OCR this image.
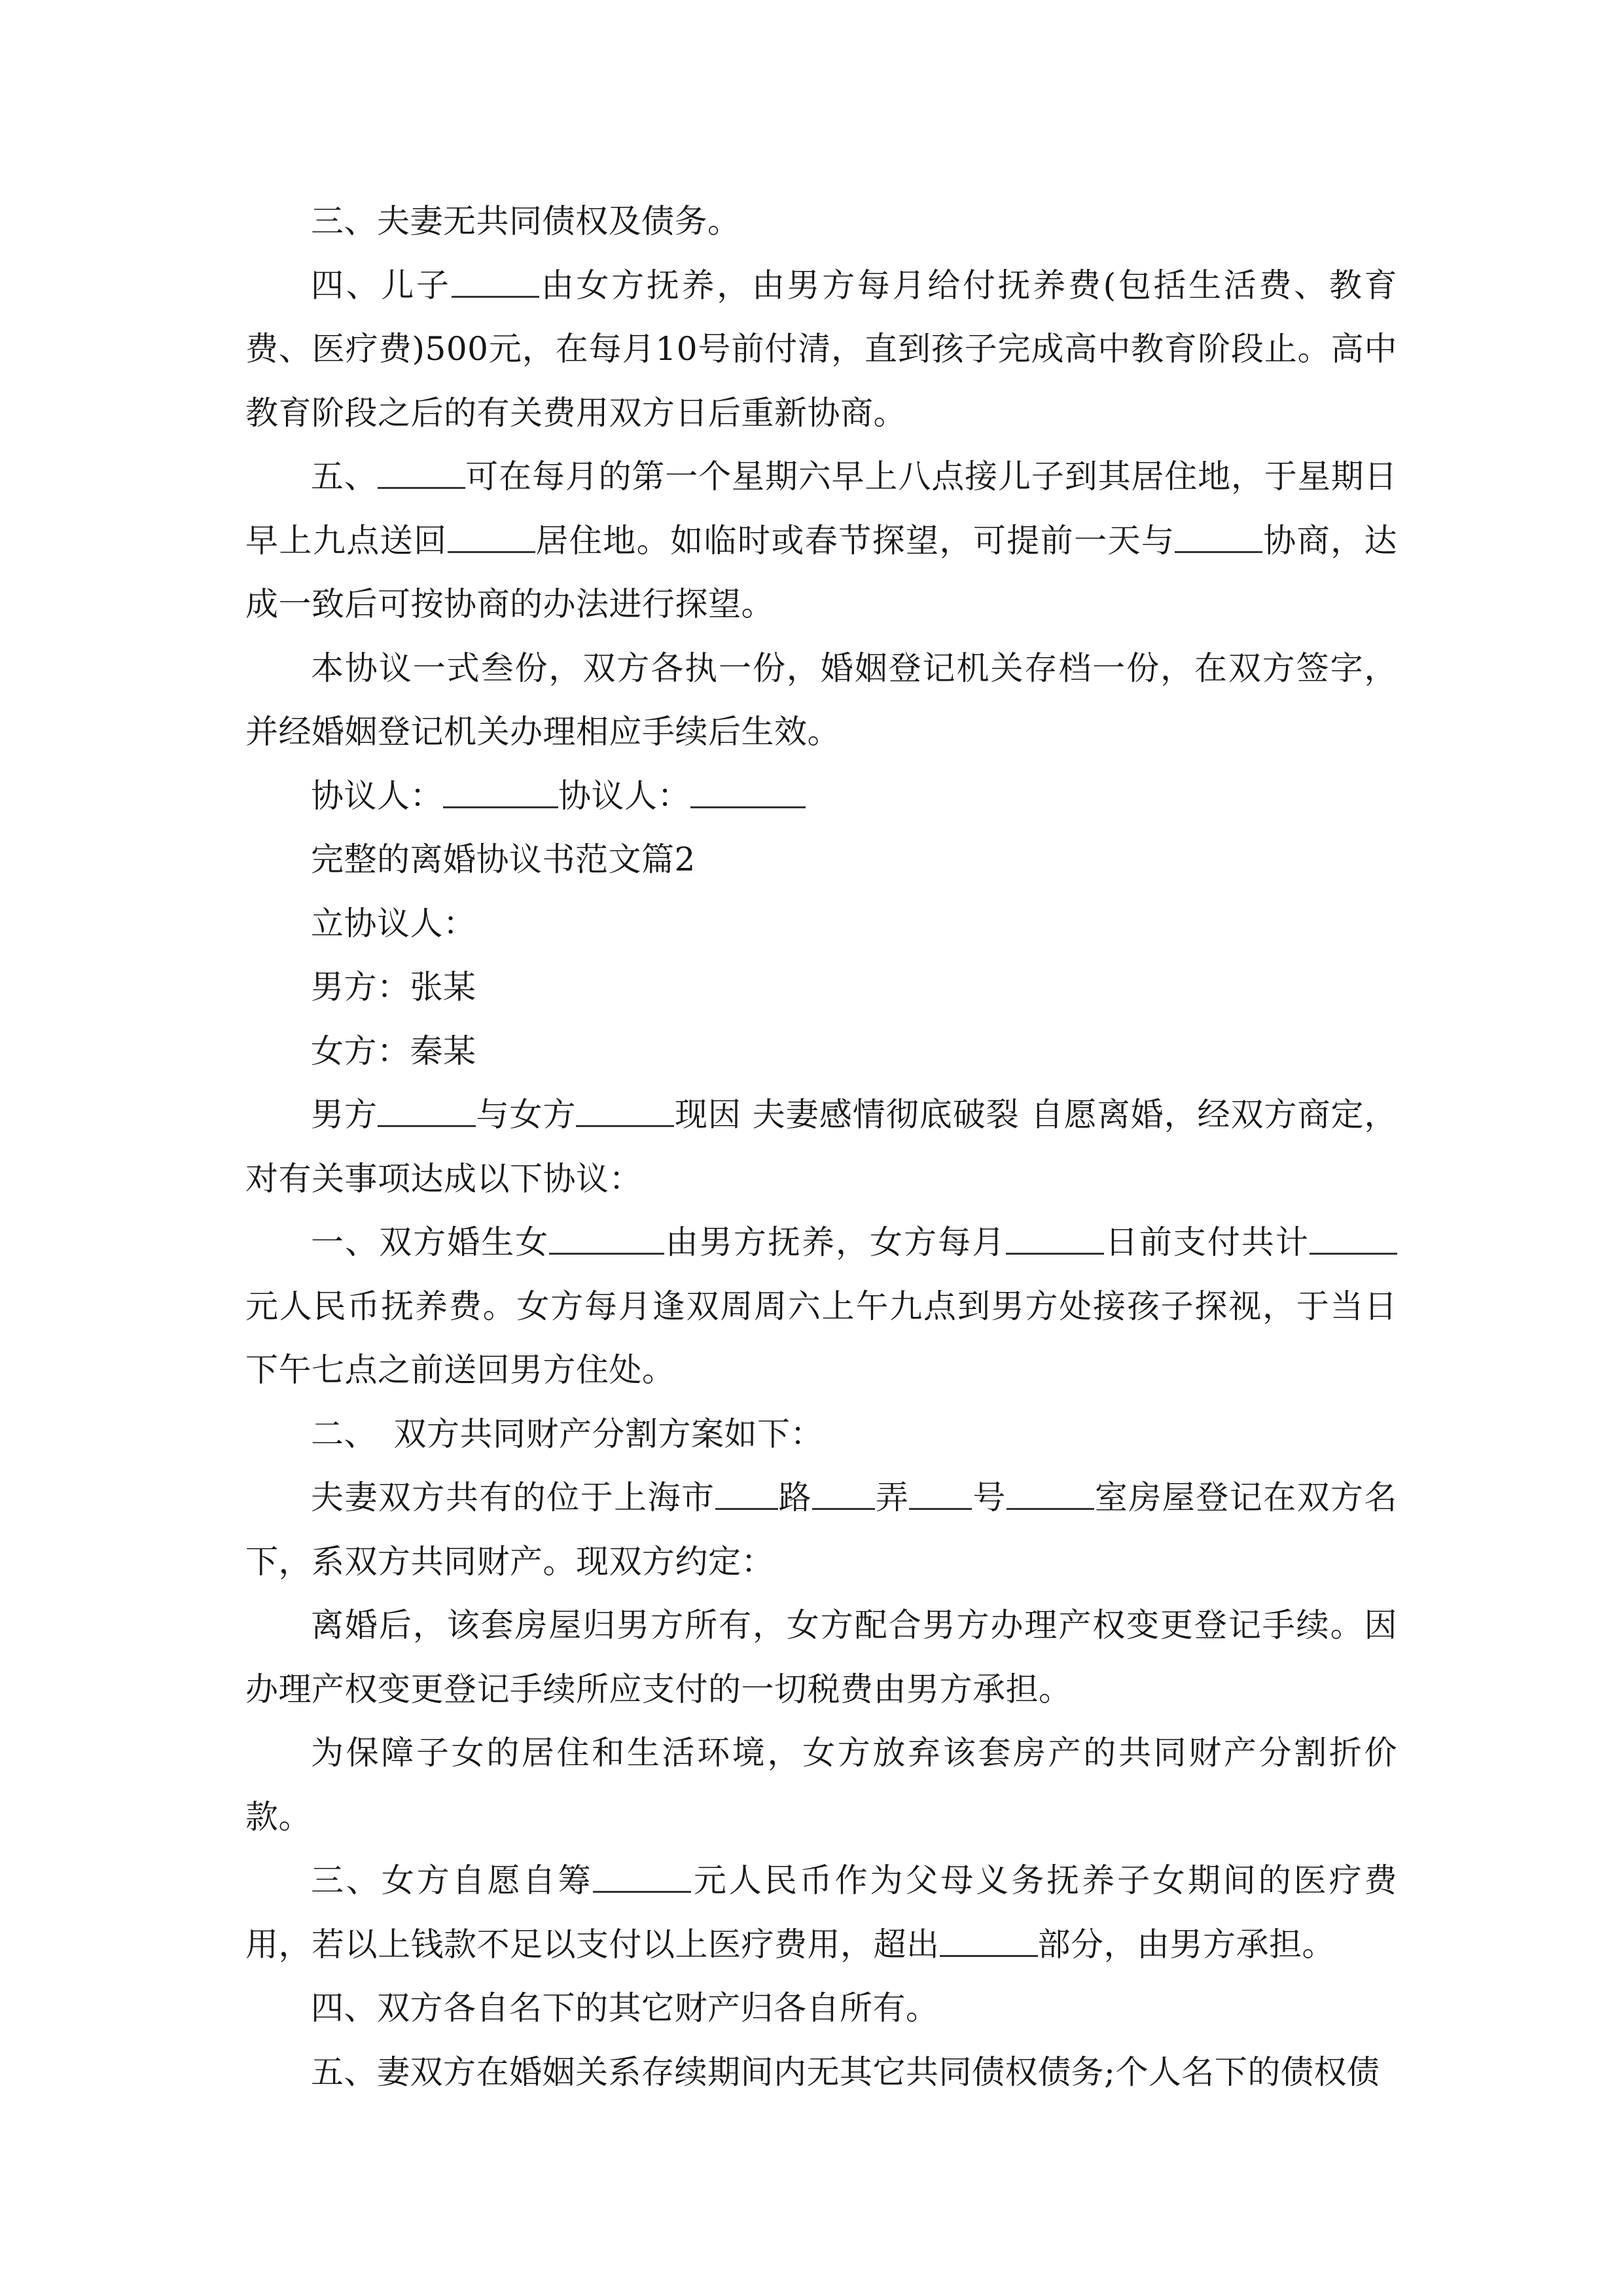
三、夫妻无共同债权及债务。

四、儿子	由女方抚养，由男方每月给付抚养费(包括生活费、教育费、医疗费)500元，在每月10号前付清，直到孩子完成高中教育阶段止。高中教育阶段之后的有关费用双方日后重新协商。

五、	可在每月的第一个星期六早上八点接儿子到其居住地，于星期日早上九点送回	居住地。如临时或春节探望，可提前一天与	协商，达成一致后可按协商的办法进行探望。

本协议一式叁份，双方各执一份，婚姻登记机关存档一份，在双方签字，并经婚姻登记机关办理相应手续后生效。

协议人：	协议人：

完整的离婚协议书范文篇2

立协议人：

男方：张某

女方：秦某

男方	与女方	现因 夫妻感情彻底破裂 自愿离婚，经双方商定，对有关事项达成以下协议：

一、双方婚生女	由男方抚养，女方每月	日前支付共计元人民币抚养费。女方每月逢双周周六上午九点到男方处接孩子探视，于当日下午七点之前送回男方住处。

二、　双方共同财产分割方案如下：

夫妻双方共有的位于上海市 路 弄 号	室房屋登记在双方名下，系双方共同财产。现双方约定：

离婚后，该套房屋归男方所有，女方配合男方办理产权变更登记手续。因办理产权变更登记手续所应支付的一切税费由男方承担。

为保障子女的居住和生活环境，女方放弃该套房产的共同财产分割折价款。

三、女方自愿自筹	元人民币作为父母义务抚养子女期间的医疗费用，若以上钱款不足以支付以上医疗费用，超出	部分，由男方承担。

四、双方各自名下的其它财产归各自所有。

五、妻双方在婚姻关系存续期间内无其它共同债权债务;个人名下的债权债
